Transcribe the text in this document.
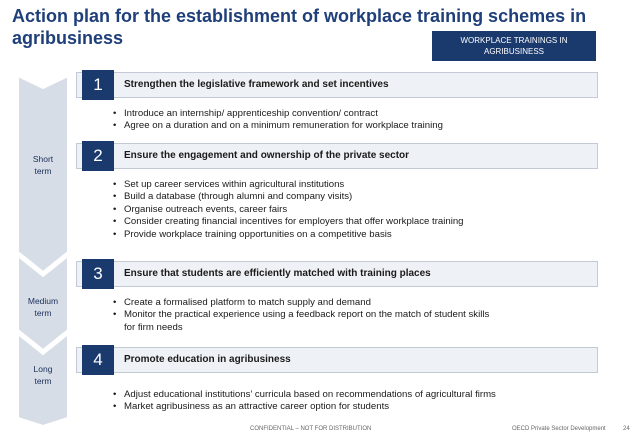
Action plan for the establishment of workplace training schemes in
agribusiness	WORKPLACE TRAININGS IN
AGRIBUSINESS
Short
term
Medium
term
Long
term
1	Strengthen the legislative framework and set incentives
• Introduce an internship/ apprenticeship convention/ contract
• Agree on a duration and on a minimum remuneration for workplace training
2	Ensure the engagement and ownership of the private sector
• Set up career services within agricultural institutions
• Build a database (through alumni and company visits)
• Organise outreach events, career fairs
• Consider creating financial incentives for employers that offer workplace training
• Provide workplace training opportunities on a competitive basis
3	Ensure that students are efficiently matched with training places
• Create a formalised platform to match supply and demand
• Monitor the practical experience using a feedback report on the match of student skills
for firm needs
4	Promote education in agribusiness
• Adjust educational institutions’ curricula based on recommendations of agricultural firms
• Market agribusiness as an attractive career option for students
CONFIDENTIAL – NOT FOR DISTRIBUTION	OECD Private Sector Development	24
